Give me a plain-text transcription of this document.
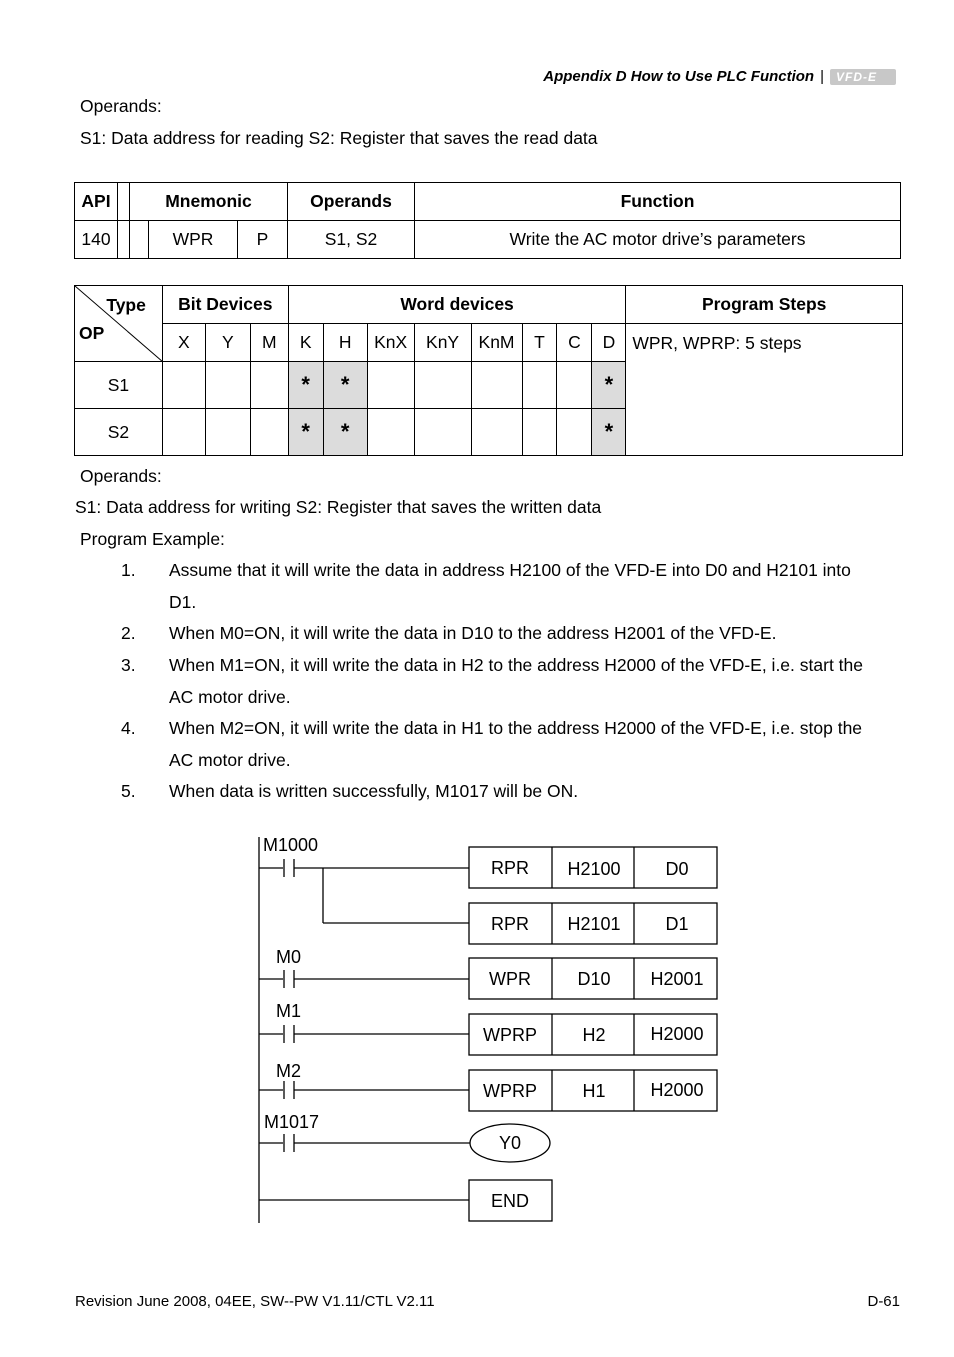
Appendix D How to Use PLC Function | VFD-E
Operands:
S1: Data address for reading S2: Register that saves the read data
API		Mnemonic			Operands	Function
140			WPR	P	S1, S2	Write the AC motor drive’s parameters
Type
OP	Bit Devices			Word devices								Program Steps
	X	Y	M	K	H	KnX	KnY	KnM	T	C	D	WPR, WPRP: 5 steps
S1				*	*						*	
S2				*	*						*	
Operands:
S1: Data address for writing S2: Register that saves the written data
Program Example:
1. Assume that it will write the data in address H2100 of the VFD-E into D0 and H2101 into
D1.
2. When M0=ON, it will write the data in D10 to the address H2001 of the VFD-E.
3. When M1=ON, it will write the data in H2 to the address H2000 of the VFD-E, i.e. start the
AC motor drive.
4. When M2=ON, it will write the data in H1 to the address H2000 of the VFD-E, i.e. stop the
AC motor drive.
5. When data is written successfully, M1017 will be ON.
M1000
M0
M1
M2
M1017
RPR H2100 D0
RPR H2101 D1
WPR	D10 H2001
WPRP	H2 H2000
WPRP	H1 H2000
Y0
END
Revision June 2008, 04EE, SW--PW V1.11/CTL V2.11	D-61
